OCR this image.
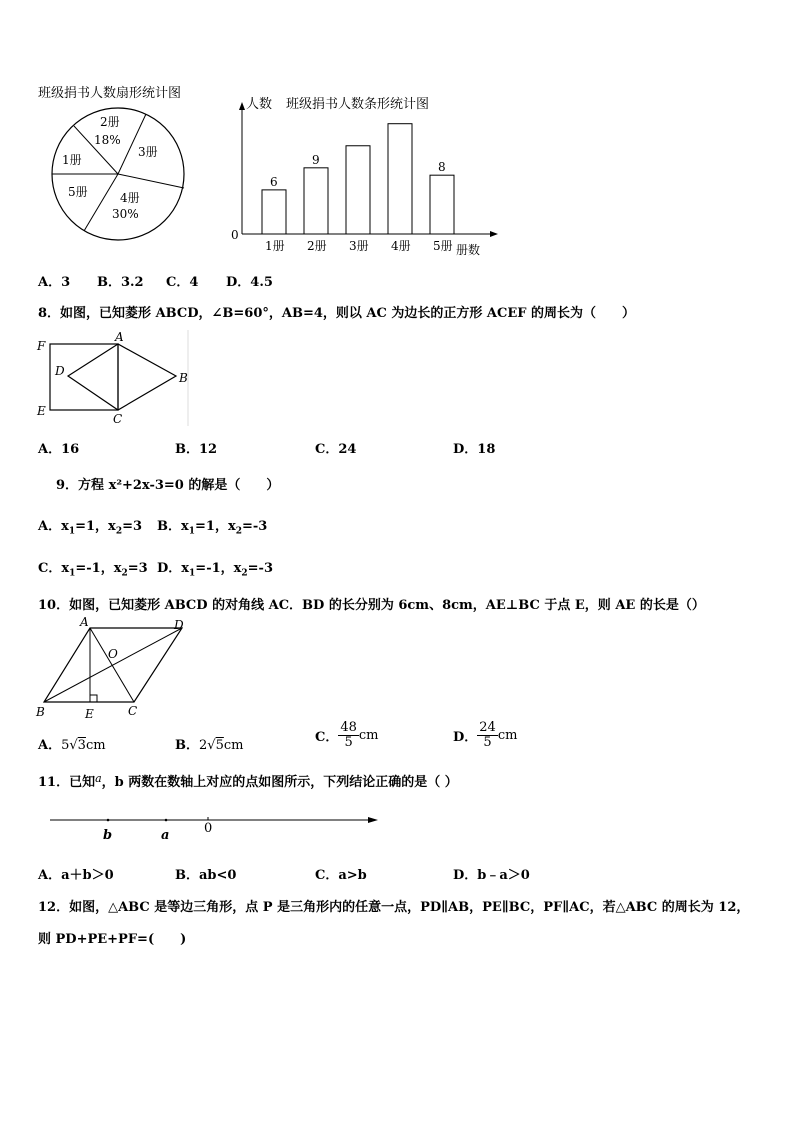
班级捐书人数扇形统计图
2册
18%
3册
4册
30%
5册
1册
人数 班级捐书人数条形统计图
0
册数
1册
6
2册
9
3册 4册 5册
8
A．3 B．3.2 C．4 D．4.5
8．如图，已知菱形 ABCD，∠B=60°，AB=4，则以 AC 为边长的正方形 ACEF 的周长为（　　）
F
A
D	B
E
C
A．16	B．12	C．24	D．18
9．方程 x²+2x-3=0 的解是（　　）
A．$x_1=1$，$x_2=3$ B．$x_1=1$，$x_2=-3$
C．$x_1=-1$，$x_2=3$ D．$x_1=-1$，$x_2=-3$
10．如图，已知菱形 ABCD 的对角线 AC．BD 的长分别为 6cm、8cm，AE⊥BC 于点 E，则 AE 的长是（）
A	D
O
B	E	C
A．5√3cm	B．2√5cm
C． $\frac{48}{5}$ cm	D． $\frac{24}{5}$ cm
11．已知$^a$，b 两数在数轴上对应的点如图所示，下列结论正确的是（ ）
b	a	0
A．a＋b＞0	B．ab<0	C．a>b	D．b﹣a＞0
12．如图，△ABC 是等边三角形，点 P 是三角形内的任意一点，PD∥AB，PE∥BC，PF∥AC，若△ABC 的周长为 12，
则 PD+PE+PF=(　　)
